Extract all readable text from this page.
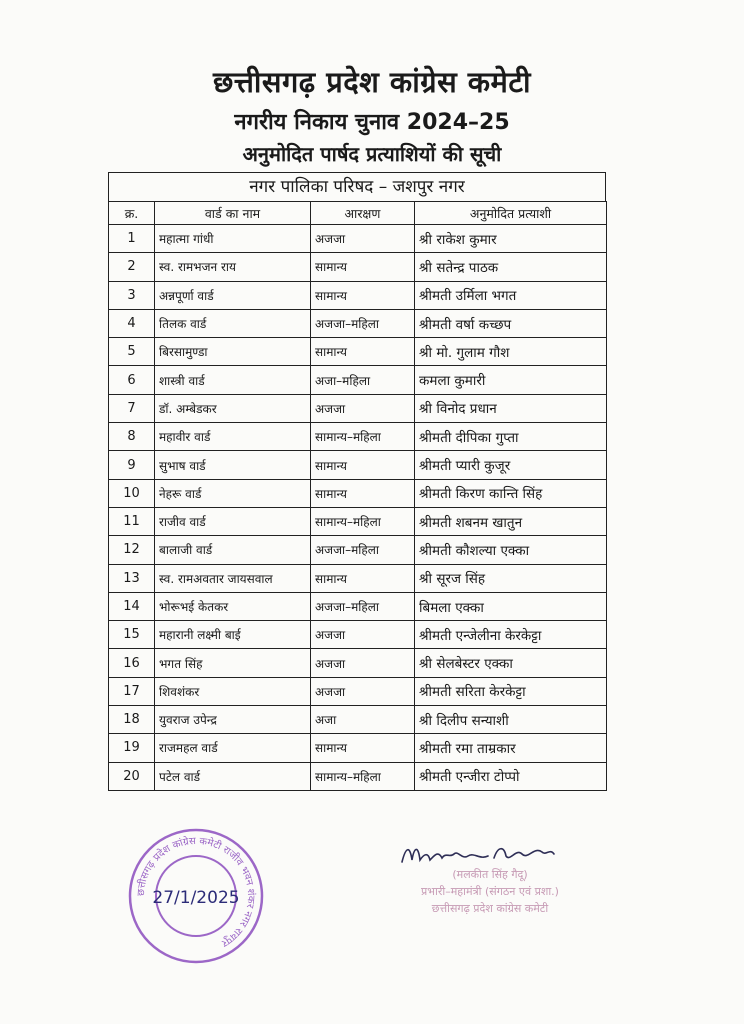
छत्तीसगढ़ प्रदेश कांग्रेस कमेटी
नगरीय निकाय चुनाव 2024–25
अनुमोदित पार्षद प्रत्याशियों की सूची
नगर पालिका परिषद – जशपुर नगर
क्र.	वार्ड का नाम	आरक्षण	अनुमोदित प्रत्याशी
1	महात्मा गांधी	अजजा	श्री राकेश कुमार
2	स्व. रामभजन राय	सामान्य	श्री सतेन्द्र पाठक
3	अन्नपूर्णा वार्ड	सामान्य	श्रीमती उर्मिला भगत
4	तिलक वार्ड	अजजा–महिला	श्रीमती वर्षा कच्छप
5	बिरसामुण्डा	सामान्य	श्री मो. गुलाम गौश
6	शास्त्री वार्ड	अजा–महिला	कमला कुमारी
7	डॉ. अम्बेडकर	अजजा	श्री विनोद प्रधान
8	महावीर वार्ड	सामान्य–महिला	श्रीमती दीपिका गुप्ता
9	सुभाष वार्ड	सामान्य	श्रीमती प्यारी कुजूर
10	नेहरू वार्ड	सामान्य	श्रीमती किरण कान्ति सिंह
11	राजीव वार्ड	सामान्य–महिला	श्रीमती शबनम खातुन
12	बालाजी वार्ड	अजजा–महिला	श्रीमती कौशल्या एक्का
13	स्व. रामअवतार जायसवाल	सामान्य	श्री सूरज सिंह
14	भोरूभई केतकर	अजजा–महिला	बिमला एक्का
15	महारानी लक्ष्मी बाई	अजजा	श्रीमती एन्जेलीना केरकेट्टा
16	भगत सिंह	अजजा	श्री सेलबेस्टर एक्का
17	शिवशंकर	अजजा	श्रीमती सरिता केरकेट्टा
18	युवराज उपेन्द्र	अजा	श्री दिलीप सन्याशी
19	राजमहल वार्ड	सामान्य	श्रीमती रमा ताम्रकार
20	पटेल वार्ड	सामान्य–महिला	श्रीमती एन्जीरा टोप्पो
छत्तीसगढ़ प्रदेश कांग्रेस कमेटी राजीव भवन शंकर नगर रायपुर
27/1/2025
(मलकीत सिंह गैदू)
प्रभारी–महामंत्री (संगठन एवं प्रशा.)
छत्तीसगढ़ प्रदेश कांग्रेस कमेटी
